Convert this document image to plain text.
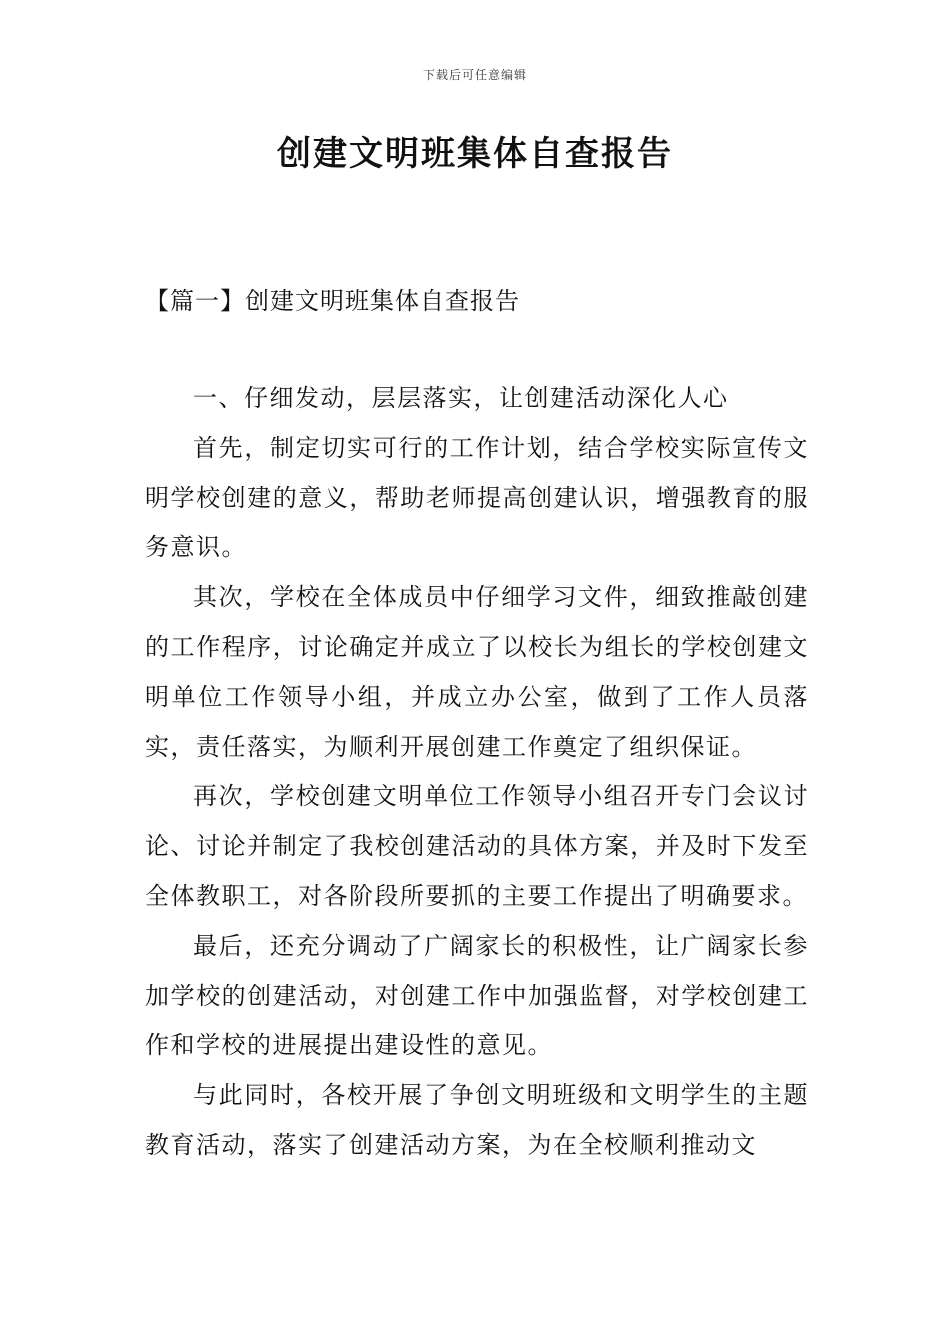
下载后可任意编辑
创建文明班集体自查报告
【篇一】创建文明班集体自查报告

一、仔细发动，层层落实，让创建活动深化人心

首先，制定切实可行的工作计划，结合学校实际宣传文明学校创建的意义，帮助老师提高创建认识，增强教育的服务意识。

其次，学校在全体成员中仔细学习文件，细致推敲创建的工作程序，讨论确定并成立了以校长为组长的学校创建文明单位工作领导小组，并成立办公室，做到了工作人员落实，责任落实，为顺利开展创建工作奠定了组织保证。

再次，学校创建文明单位工作领导小组召开专门会议讨论、讨论并制定了我校创建活动的具体方案，并及时下发至全体教职工，对各阶段所要抓的主要工作提出了明确要求。

最后，还充分调动了广阔家长的积极性，让广阔家长参加学校的创建活动，对创建工作中加强监督，对学校创建工作和学校的进展提出建设性的意见。

与此同时，各校开展了争创文明班级和文明学生的主题教育活动，落实了创建活动方案，为在全校顺利推动文
